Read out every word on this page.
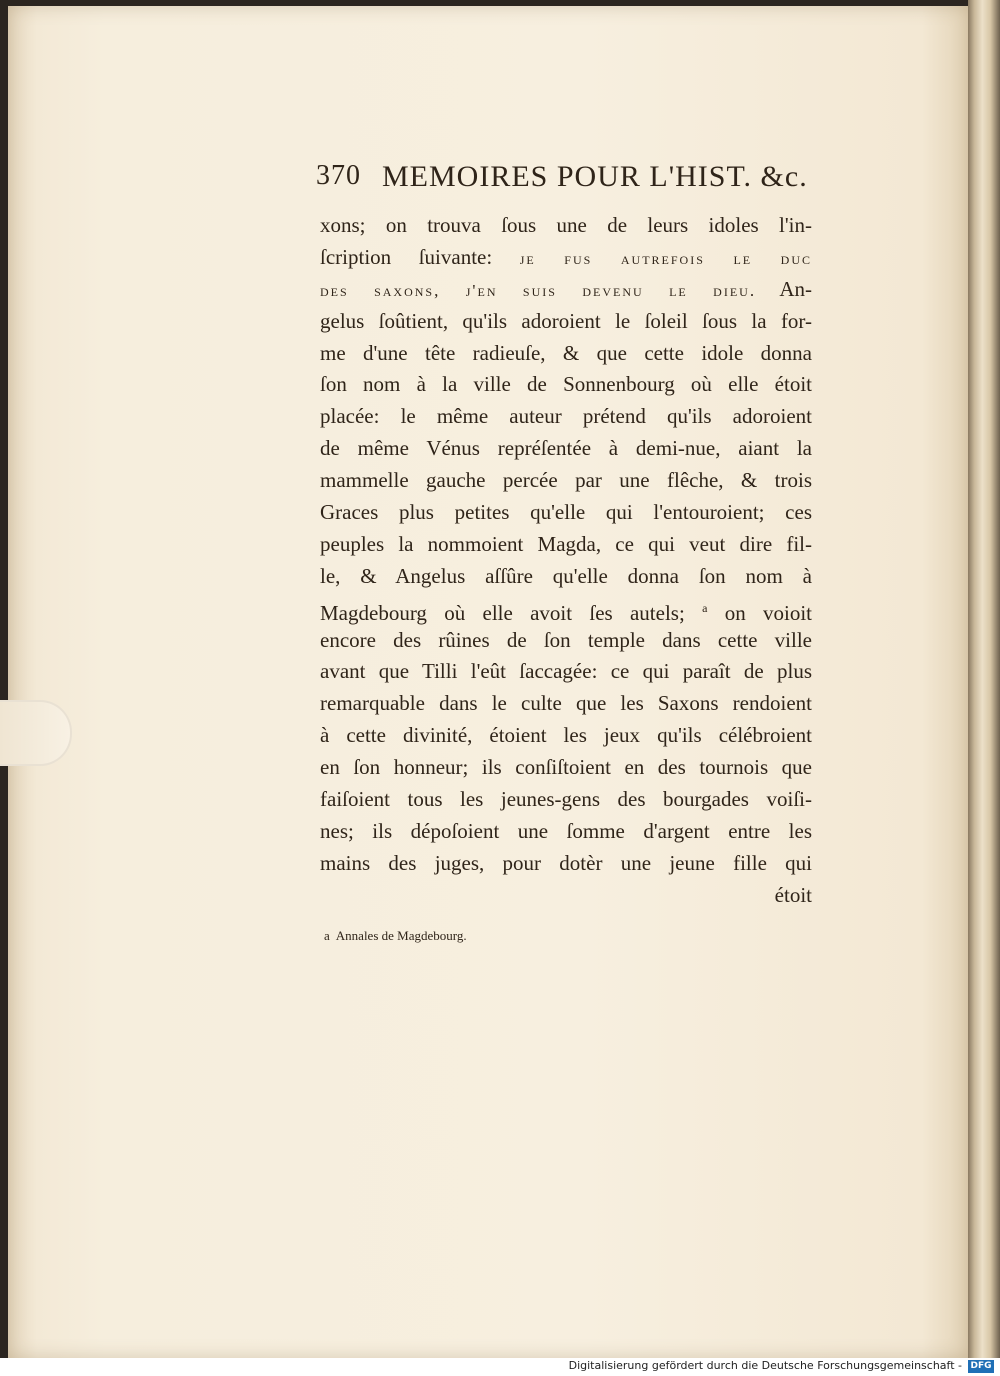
370 MEMOIRES POUR L'HIST. &c.
xons; on trouva ſous une de leurs idoles l'in-
ſcription ſuivante: je fus autrefois le duc
des saxons, j'en suis devenu le dieu. An-
gelus ſoûtient, qu'ils adoroient le ſoleil ſous la for-
me d'une tête radieuſe, & que cette idole donna
ſon nom à la ville de Sonnenbourg où elle étoit
placée: le même auteur prétend qu'ils adoroient
de même Vénus repréſentée à demi-nue, aiant la
mammelle gauche percée par une flêche, & trois
Graces plus petites qu'elle qui l'entouroient; ces
peuples la nommoient Magda, ce qui veut dire fil-
le, & Angelus aſſûre qu'elle donna ſon nom à
Magdebourg où elle avoit ſes autels; $^a$ on voioit
encore des rûines de ſon temple dans cette ville
avant que Tilli l'eût ſaccagée: ce qui paraît de plus
remarquable dans le culte que les Saxons rendoient
à cette divinité, étoient les jeux qu'ils célébroient
en ſon honneur; ils conſiſtoient en des tournois que
faiſoient tous les jeunes-gens des bourgades voiſi-
nes; ils dépoſoient une ſomme d'argent entre les
mains des juges, pour dotèr une jeune fille qui
étoit
a Annales de Magdebourg.
Digitalisierung gefördert durch die Deutsche Forschungsgemeinschaft - DFG
